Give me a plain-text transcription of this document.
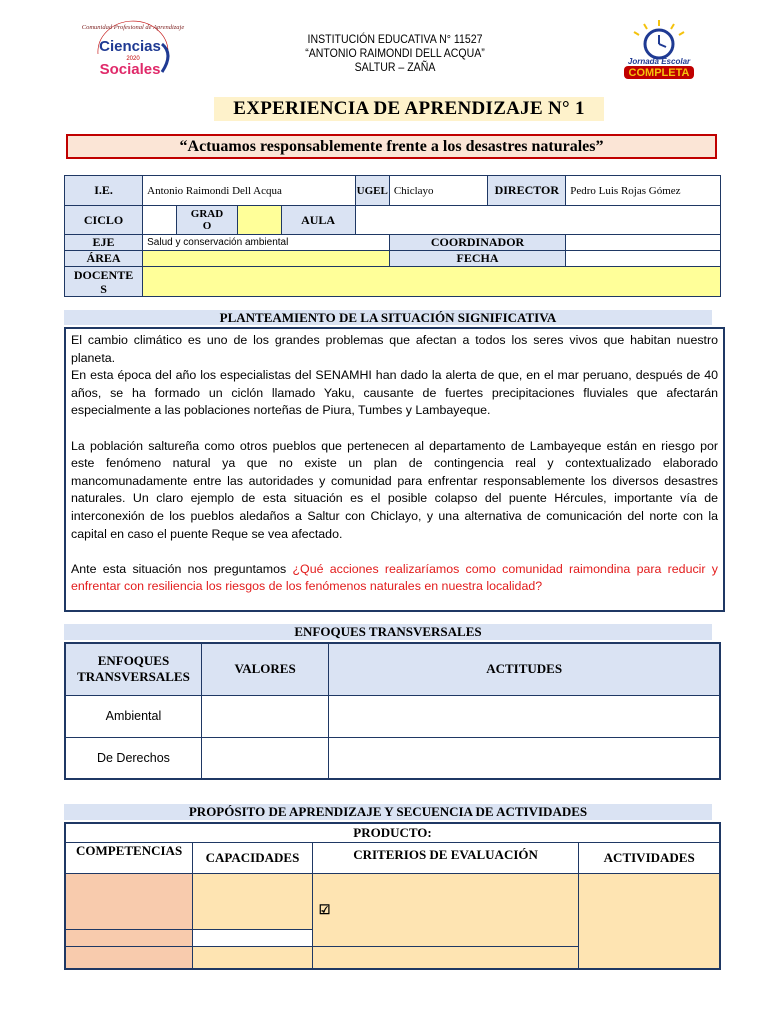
Comunidad Profesional de Aprendizaje
Ciencias
2020
Sociales	Jornada Escolar
COMPLETA
INSTITUCIÓN EDUCATIVA N° 11527
“ANTONIO RAIMONDI DELL ACQUA”
SALTUR – ZAÑA
EXPERIENCIA DE APRENDIZAJE N° 1
“Actuamos responsablemente frente a los desastres naturales”
I.E.	Antonio Raimondi Dell Acqua				UGEL	Chiclayo	DIRECTOR	Pedro Luis Rojas Gómez
CICLO		GRADO		AULA				
EJE	Salud y conservación ambiental					COORDINADOR		
ÁREA						FECHA		
DOCENTES								
PLANTEAMIENTO DE LA SITUACIÓN SIGNIFICATIVA

El cambio climático es uno de los grandes problemas que afectan a todos los seres vivos que habitan nuestro planeta.

En esta época del año los especialistas del SENAMHI han dado la alerta de que, en el mar peruano, después de 40 años, se ha formado un ciclón llamado Yaku, causante de fuertes precipitaciones fluviales que afectarán especialmente a las poblaciones norteñas de Piura, Tumbes y Lambayeque.

La población saltureña como otros pueblos que pertenecen al departamento de Lambayeque están en riesgo por este fenómeno natural ya que no existe un plan de contingencia real y contextualizado elaborado mancomunadamente entre las autoridades y comunidad para enfrentar responsablemente los diversos desastres naturales. Un claro ejemplo de esta situación es el posible colapso del puente Hércules, importante vía de interconexión de los pueblos aledaños a Saltur con Chiclayo, y una alternativa de comunicación del norte con la capital en caso el puente Reque se vea afectado.

Ante esta situación nos preguntamos ¿Qué acciones realizaríamos como comunidad raimondina para reducir y enfrentar con resiliencia los riesgos de los fenómenos naturales en nuestra localidad?

ENFOQUES TRANSVERSALES
ENFOQUES TRANSVERSALES	VALORES	ACTITUDES
Ambiental		
De Derechos		
PROPÓSITO DE APRENDIZAJE Y SECUENCIA DE ACTIVIDADES
PRODUCTO:			
COMPETENCIAS	CAPACIDADES	CRITERIOS DE EVALUACIÓN	ACTIVIDADES
		☑	
